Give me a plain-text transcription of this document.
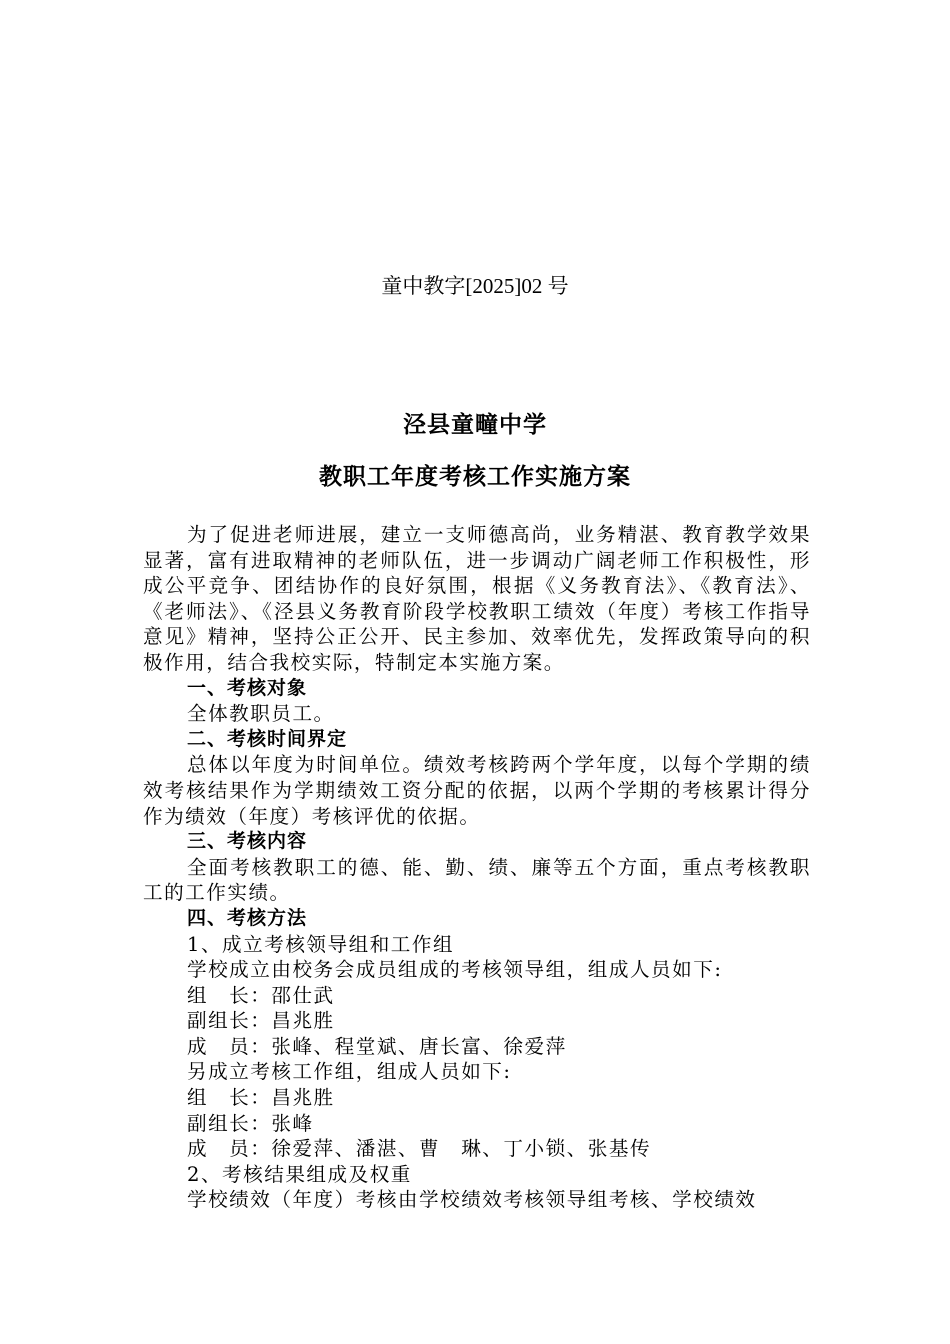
童中教字[2025]02 号
泾县童疃中学
教职工年度考核工作实施方案

为了促进老师进展，建立一支师德高尚，业务精湛、教育教学效果显著，富有进取精神的老师队伍，进一步调动广阔老师工作积极性，形成公平竞争、团结协作的良好氛围，根据《义务教育法》、《教育法》、《老师法》、《泾县义务教育阶段学校教职工绩效（年度）考核工作指导意见》精神，坚持公正公开、民主参加、效率优先，发挥政策导向的积极作用，结合我校实际，特制定本实施方案。

一、考核对象

全体教职员工。

二、考核时间界定

总体以年度为时间单位。绩效考核跨两个学年度，以每个学期的绩效考核结果作为学期绩效工资分配的依据，以两个学期的考核累计得分作为绩效（年度）考核评优的依据。

三、考核内容

全面考核教职工的德、能、勤、绩、廉等五个方面，重点考核教职工的工作实绩。

四、考核方法

1、成立考核领导组和工作组

学校成立由校务会成员组成的考核领导组，组成人员如下:

组　长：邵仕武

副组长：昌兆胜

成　员：张峰、程堂斌、唐长富、徐爱萍

另成立考核工作组，组成人员如下:

组　长：昌兆胜

副组长：张峰

成　员：徐爱萍、潘湛、曹　琳、丁小锁、张基传

2、考核结果组成及权重

学校绩效（年度）考核由学校绩效考核领导组考核、学校绩效
